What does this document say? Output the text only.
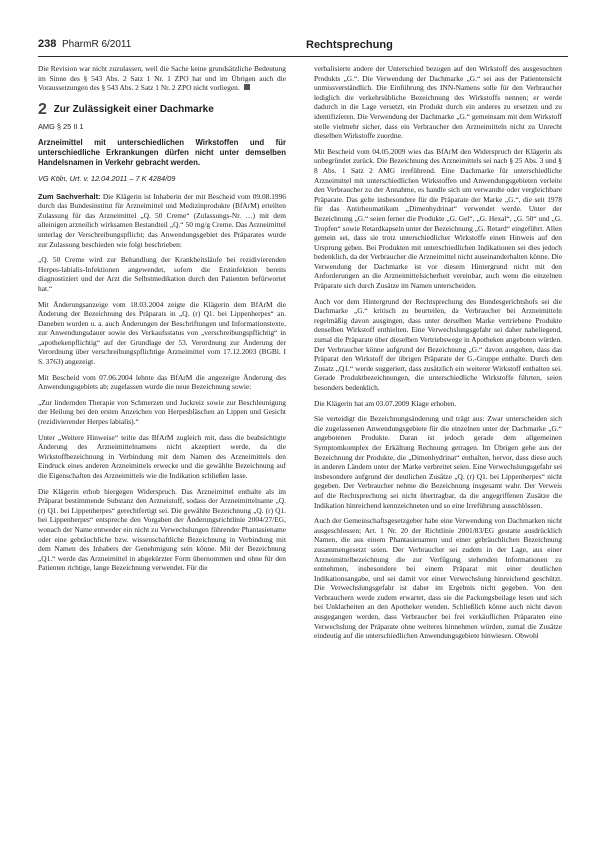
238 PharmR 6/2011	Rechtsprechung

Die Revision war nicht zuzulassen, weil die Sache keine grundsätzliche Bedeutung im Sinne des § 543 Abs. 2 Satz 1 Nr. 1 ZPO hat und im Übrigen auch die Voraussetzungen des § 543 Abs. 2 Satz 1 Nr. 2 ZPO nicht vorliegen.

2 Zur Zulässigkeit einer Dachmarke
AMG § 25 II 1
Arzneimittel mit unterschiedlichen Wirkstoffen und für unterschiedliche Erkrankungen dürfen nicht unter demselben Handelsnamen in Verkehr gebracht werden.

VG Köln, Urt. v. 12.04.2011 – 7 K 4284/09

Zum Sachverhalt: Die Klägerin ist Inhaberin der mit Bescheid vom 09.08.1996 durch das Bundesinstitut für Arzneimittel und Medizinprodukte (BfArM) erteilten Zulassung für das Arzneimittel „Q. 50 Creme“ (Zulassungs-Nr. …) mit dem alleinigen arzneilich wirksamen Bestandteil „Q.“ 50 mg/g Creme. Das Arzneimittel unterlag der Verschreibungspflicht; das Anwendungsgebiet des Präparates wurde zur Zulassung beschieden wie folgt beschrieben:

„Q. 50 Creme wird zur Behandlung der Krankheitsläufe bei rezidivierenden Herpes-labialis-Infektionen angewendet, sofern die Erstinfektion bereits diagnostiziert und der Arzt die Selbstmedikation durch den Patienten befürwortet hat.“

Mit Änderungsanzeige vom 18.03.2004 zeigte die Klägerin dem BfArM die Änderung der Bezeichnung des Präparats in „Q. (r) Q1. bei Lippenherpes“ an. Daneben wurden u. a. auch Änderungen der Beschriftungen und Informationstexte, zur Anwendungsdauer sowie des Verkaufsstatus von „verschreibungspflichtig“ in „apothekenpflichtig“ auf der Grundlage der 53. Verordnung zur Änderung der Verordnung über verschreibungspflichtige Arzneimittel vom 17.12.2003 (BGBl. I S. 3763) angezeigt.

Mit Bescheid vom 07.06.2004 lehnte das BfArM die angezeigte Änderung des Anwendungsgebiets ab; zugelassen wurde die neue Bezeichnung sowie:

„Zur lindernden Therapie von Schmerzen und Juckreiz sowie zur Beschleunigung der Heilung bei den ersten Anzeichen von Herpesbläschen an Lippen und Gesicht (rezidivierender Herpes labialis).“

Unter „Weitere Hinweise“ teilte das BfArM zugleich mit, dass die beabsichtigte Änderung des Arzneimittelnamens nicht akzeptiert werde, da die Wirkstoffbezeichnung in Verbindung mit dem Namen des Arzneimittels den Eindruck eines anderen Arzneimittels erwecke und die gewählte Bezeichnung auf die Eigenschaften des Arzneimittels wie die Indikation schließen lasse.

Die Klägerin erhob hiergegen Widerspruch. Das Arzneimittel enthalte als im Präparat bestimmende Substanz den Arzneistoff, sodass der Arzneimittelname „Q. (r) Q1. bei Lippenherpes“ gerechtfertigt sei. Die gewählte Bezeichnung „Q. (r) Q1. bei Lippenherpes“ entspreche den Vorgaben der Änderungsrichtlinie 2004/27/EG, wonach der Name entweder ein nicht zu Verwechslungen führender Phantasiename oder eine gebräuchliche bzw. wissenschaftliche Bezeichnung in Verbindung mit dem Namen des Inhabers der Genehmigung sein könne. Mit der Bezeichnung „Q1.“ werde das Arzneimittel in abgekürzter Form übernommen und ohne für den Patienten richtige, lange Bezeichnung verwendet. Für die

verbalisierte andere der Unterschied bezogen auf den Wirkstoff des ausgesuchten Produkts „G.“. Die Verwendung der Dachmarke „G.“ sei aus der Patientensicht unmissverständlich. Die Einführung des INN-Namens solle für den Verbraucher lediglich die verkehrsübliche Bezeichnung des Wirkstoffs nennen; er werde dadurch in die Lage versetzt, ein Produkt durch ein anderes zu ersetzen und zu identifizieren. Die Verwendung der Dachmarke „G.“ gemeinsam mit dem Wirkstoff stelle vielmehr sicher, dass ein Verbraucher den Arzneimitteln nicht zu Unrecht dieselben Wirkstoffe zuordne.

Mit Bescheid vom 04.05.2009 wies das BfArM den Widerspruch der Klägerin als unbegründet zurück. Die Bezeichnung des Arzneimittels sei nach § 25 Abs. 3 und § 8 Abs. 1 Satz 2 AMG irreführend. Eine Dachmarke für unterschiedliche Arzneimittel mit unterschiedlichen Wirkstoffen und Anwendungsgebieten verleite den Verbraucher zu der Annahme, es handle sich um verwandte oder vergleichbare Präparate. Das gelte insbesondere für die Präparate der Marke „G.“, die seit 1978 für das Antirheumatikum „Dimenhydrinat“ verwendet werde. Unter der Bezeichnung „G.“ seien ferner die Produkte „G. Gel“, „G. Hexal“, „G. 50“ und „G. Tropfen“ sowie Retardkapseln unter der Bezeichnung „G. Retard“ eingeführt. Allen gemein sei, dass sie trotz unterschiedlicher Wirkstoffe einen Hinweis auf den Ursprung geben. Bei Produkten mit unterschiedlichen Indikationen sei dies jedoch bedenklich, da der Verbraucher die Arzneimittel nicht auseinanderhalten könne. Die Verwendung der Dachmarke ist vor diesem Hintergrund nicht mit den Anforderungen an die Arzneimittelsicherheit vereinbar, auch wenn die einzelnen Präparate sich durch Zusätze im Namen unterscheiden.

Auch vor dem Hintergrund der Rechtsprechung des Bundesgerichtshofs sei die Dachmarke „G.“ kritisch zu beurteilen, da Verbraucher bei Arzneimitteln regelmäßig davon ausgingen, dass unter derselben Marke vertriebene Produkte denselben Wirkstoff enthielten. Eine Verwechslungsgefahr sei daher naheliegend, zumal die Präparate über dieselben Vertriebswege in Apotheken angeboten würden. Der Verbraucher könne aufgrund der Bezeichnung „G.“ davon ausgehen, dass das Präparat den Wirkstoff der übrigen Präparate der G.-Gruppe enthalte. Durch den Zusatz „Q1.“ werde suggeriert, dass zusätzlich ein weiterer Wirkstoff enthalten sei. Gerade Produktbezeichnungen, die unterschiedliche Wirkstoffe führten, seien besonders bedenklich.

Die Klägerin hat am 03.07.2009 Klage erhoben.

Sie verteidigt die Bezeichnungsänderung und trägt aus: Zwar unterscheiden sich die zugelassenen Anwendungsgebiete für die einzelnen unter der Dachmarke „G.“ angebotenen Produkte. Daran ist jedoch gerade dem allgemeinen Symptomkomplex der Erkältung Rechnung getragen. Im Übrigen gehe aus der Bezeichnung der Produkte, die „Dimenhydrinat“ enthalten, hervor, dass diese auch in anderen Ländern unter der Marke verbreitet seien. Eine Verwechslungsgefahr sei insbesondere aufgrund der deutlichen Zusätze „Q. (r) Q1. bei Lippenherpes“ nicht gegeben. Der Verbraucher nehme die Bezeichnung insgesamt wahr. Der Verweis auf die Rechtsprechung sei nicht übertragbar, da die angegriffenen Zusätze die Indikation hinreichend kennzeichneten und so eine Irreführung ausschlössen.

Auch der Gemeinschaftsgesetzgeber habe eine Verwendung von Dachmarken nicht ausgeschlossen; Art. 1 Nr. 20 der Richtlinie 2001/83/EG gestatte ausdrücklich Namen, die aus einem Phantasienamen und einer gebräuchlichen Bezeichnung zusammengesetzt seien. Der Verbraucher sei zudem in der Lage, aus einer Arzneimittelbezeichnung die zur Verfügung stehenden Informationen zu entnehmen, insbesondere bei einem Präparat mit einer deutlichen Indikationsangabe, und sei damit vor einer Verwechslung hinreichend geschützt. Die Verwechslungsgefahr ist daher im Ergebnis nicht gegeben. Von den Verbrauchern werde zudem erwartet, dass sie die Packungsbeilage lesen und sich bei Unklarheiten an den Apotheker wenden. Schließlich könne auch nicht davon ausgegangen werden, dass Verbraucher bei frei verkäuflichen Präparaten eine Verwechslung der Präparate ohne weiteres hinnehmen würden, zumal die Zusätze eindeutig auf die unterschiedlichen Anwendungsgebiete hinwiesen. Obwohl
